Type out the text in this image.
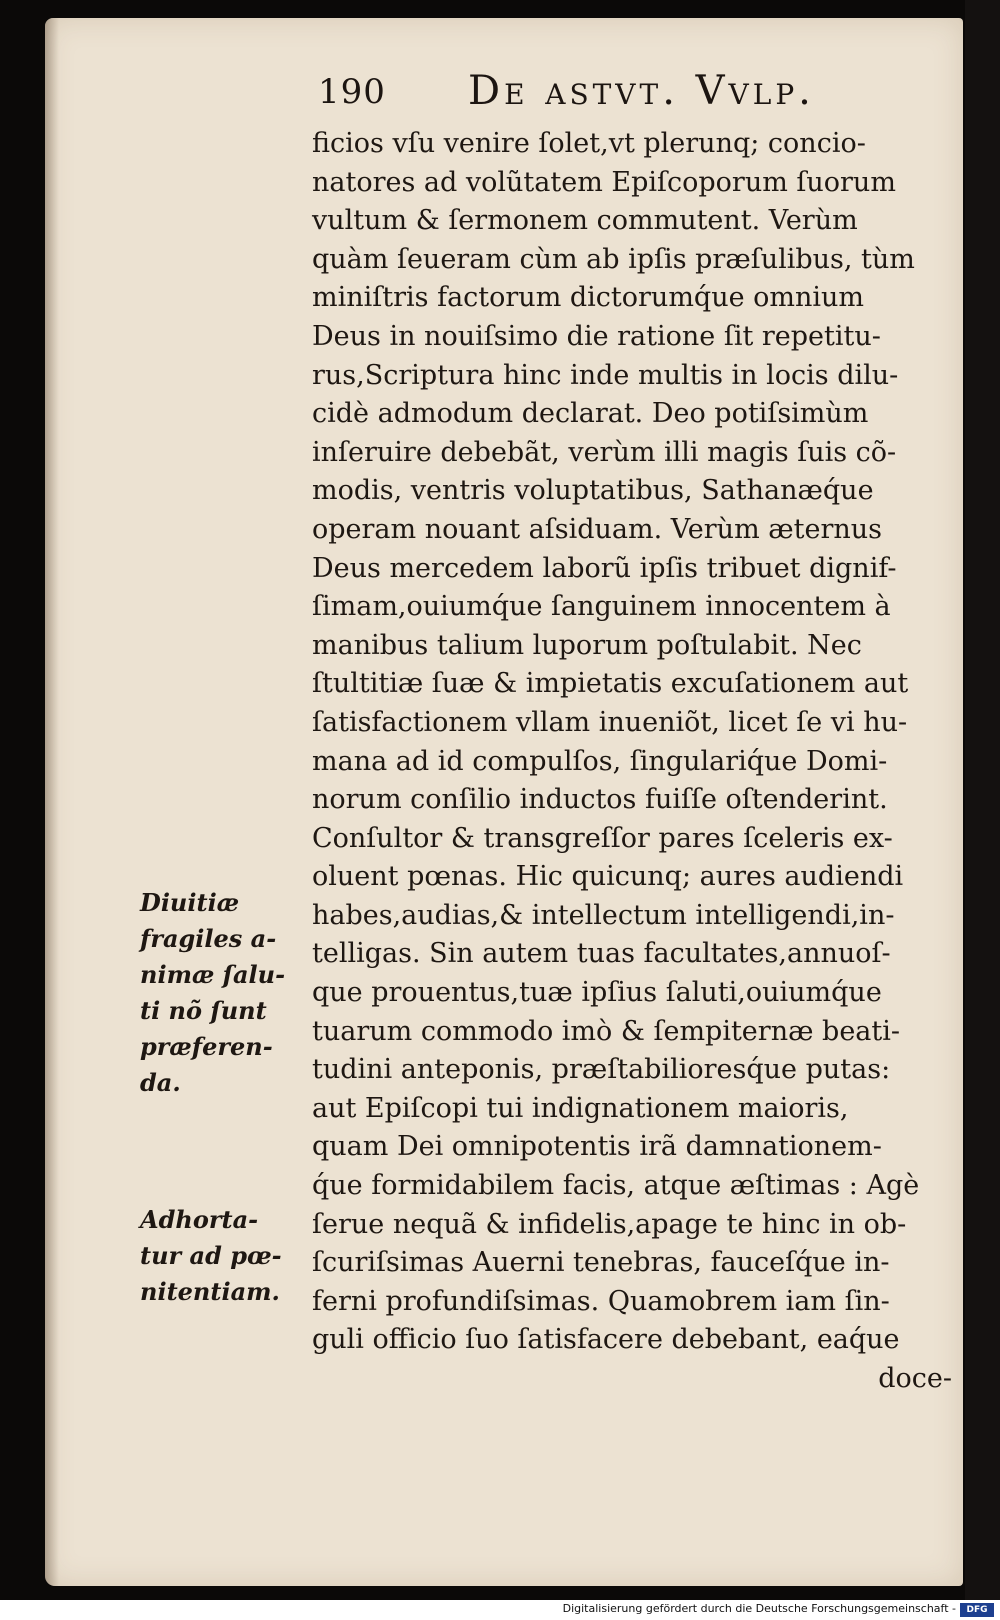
190 De astvt. Vvlp.
ficios vſu venire ſolet,vt plerunq; concio-
natores ad volũtatem Epiſcoporum ſuorum
vultum & ſermonem commutent. Verùm
quàm ſeueram cùm ab ipſis præſulibus, tùm
miniſtris factorum dictorumq́ue omnium
Deus in nouiſsimo die ratione ſit repetitu-
rus,Scriptura hinc inde multis in locis dilu-
cidè admodum declarat. Deo potiſsimùm
inſeruire debebãt, verùm illi magis ſuis cõ-
modis, ventris voluptatibus, Sathanæq́ue
operam nouant aſsiduam. Verùm æternus
Deus mercedem laborũ ipſis tribuet dignif-
ſimam,ouiumq́ue ſanguinem innocentem à
manibus talium luporum poſtulabit. Nec
ſtultitiæ ſuæ & impietatis excuſationem aut
ſatisfactionem vllam inueniõt, licet ſe vi hu-
mana ad id compulſos, ſingulariq́ue Domi-
norum conſilio inductos fuiſſe oſtenderint.
Conſultor & transgreſſor pares ſceleris ex-
oluent pœnas. Hic quicunq; aures audiendi
habes,audias,& intellectum intelligendi,in-
telligas. Sin autem tuas facultates,annuoſ-
que prouentus,tuæ ipſius ſaluti,ouiumq́ue
tuarum commodo imò & ſempiternæ beati-
tudini anteponis, præſtabilioresq́ue putas:
aut Epiſcopi tui indignationem maioris,
quam Dei omnipotentis irã damnationem-
q́ue formidabilem facis, atque æſtimas : Agè
ſerue nequã & infidelis,apage te hinc in ob-
ſcuriſsimas Auerni tenebras, fauceſq́ue in-
ferni profundiſsimas. Quamobrem iam ſin-
guli officio ſuo ſatisfacere debebant, eaq́ue
doce-
Diuitiæ
fragiles a-
nimæ ſalu-
ti nõ ſunt
præferen-
da.
Adhorta-
tur ad pœ-
nitentiam.
Digitalisierung gefördert durch die Deutsche Forschungsgemeinschaft -	DFG
